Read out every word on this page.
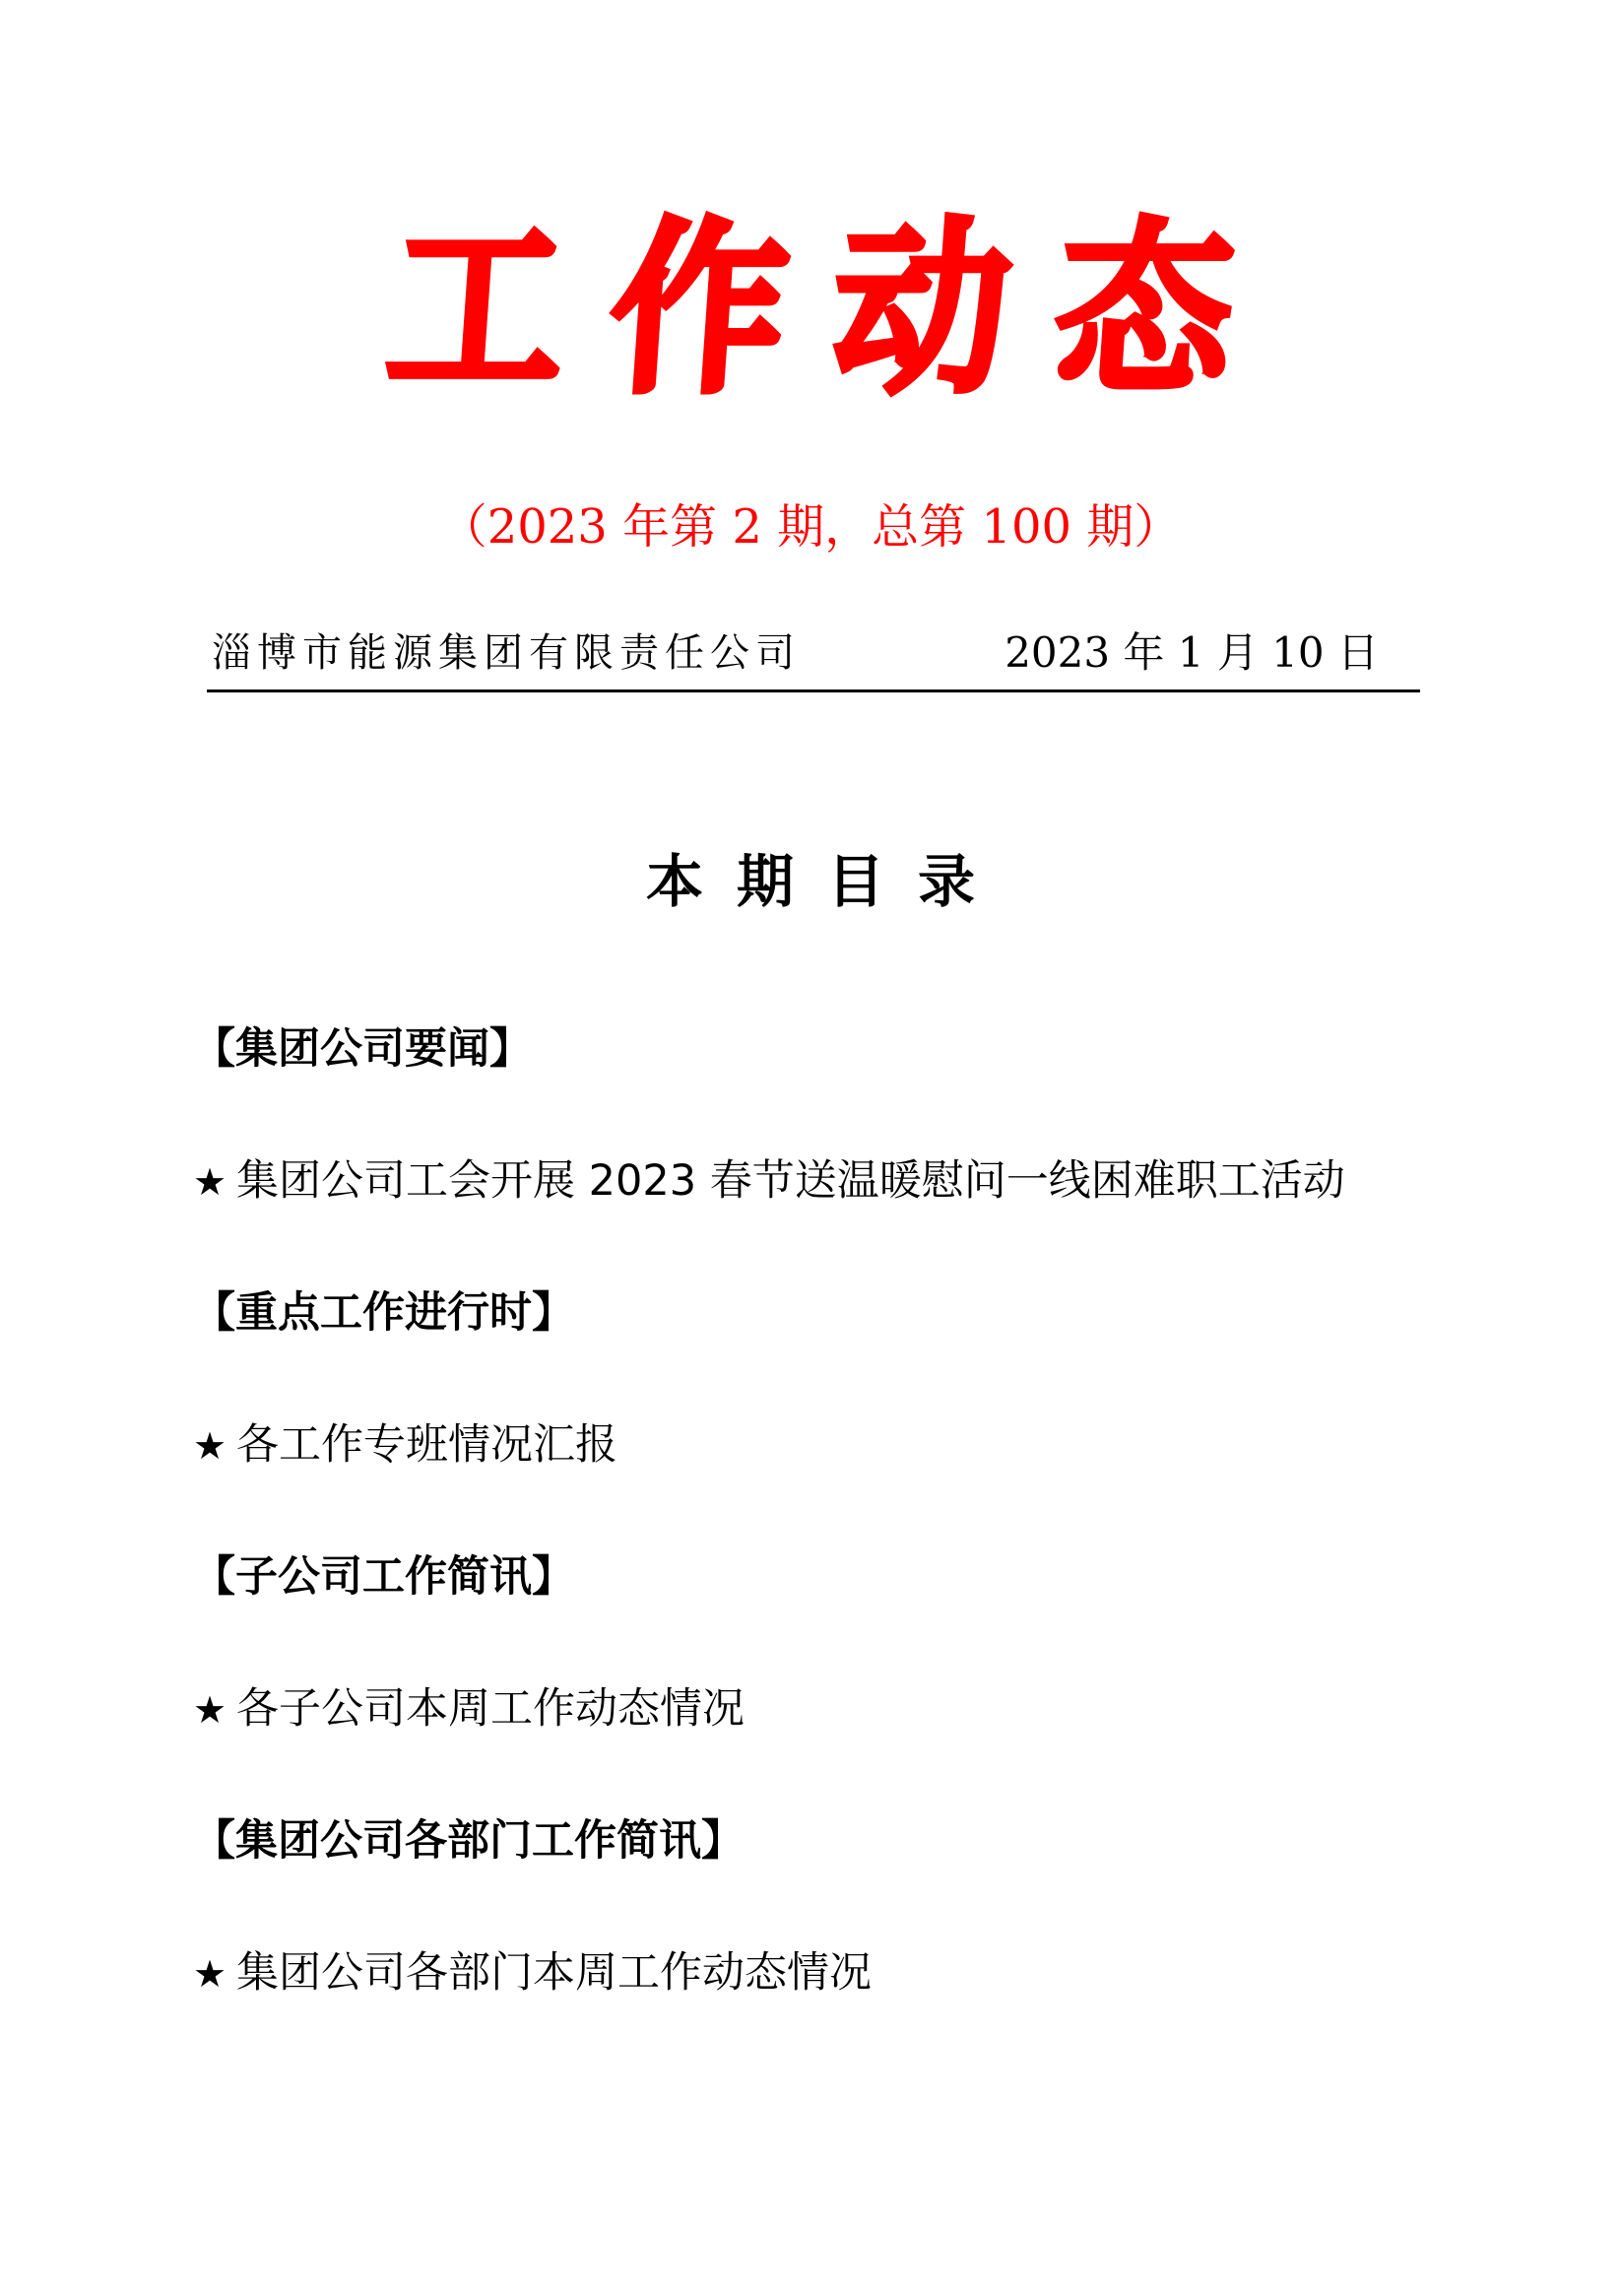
工作动态
（2023 年第 2 期，总第 100 期）
淄博市能源集团有限责任公司	2023 年 1 月 10 日
本期目录
【集团公司要闻】
★ 集团公司工会开展 2023 春节送温暖慰问一线困难职工活动
【重点工作进行时】
★ 各工作专班情况汇报
【子公司工作简讯】
★ 各子公司本周工作动态情况
【集团公司各部门工作简讯】
★ 集团公司各部门本周工作动态情况
